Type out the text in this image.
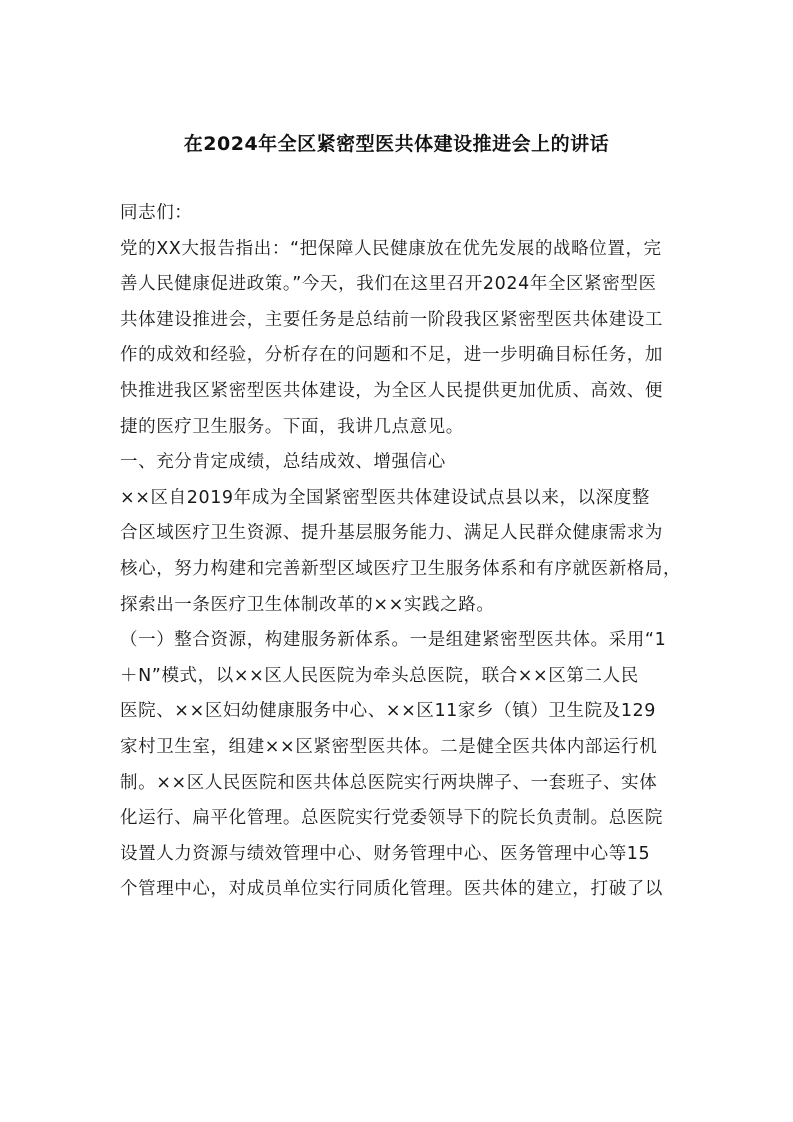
在2024年全区紧密型医共体建设推进会上的讲话
同志们：
党的XX大报告指出：“把保障人民健康放在优先发展的战略位置，完
善人民健康促进政策。”今天，我们在这里召开2024年全区紧密型医
共体建设推进会，主要任务是总结前一阶段我区紧密型医共体建设工
作的成效和经验，分析存在的问题和不足，进一步明确目标任务，加
快推进我区紧密型医共体建设，为全区人民提供更加优质、高效、便
捷的医疗卫生服务。下面，我讲几点意见。
一、充分肯定成绩，总结成效、增强信心
××区自2019年成为全国紧密型医共体建设试点县以来，以深度整
合区域医疗卫生资源、提升基层服务能力、满足人民群众健康需求为
核心，努力构建和完善新型区域医疗卫生服务体系和有序就医新格局，
探索出一条医疗卫生体制改革的××实践之路。
（一）整合资源，构建服务新体系。一是组建紧密型医共体。采用“1
＋N”模式，以××区人民医院为牵头总医院，联合××区第二人民
医院、××区妇幼健康服务中心、××区11家乡（镇）卫生院及129
家村卫生室，组建××区紧密型医共体。二是健全医共体内部运行机
制。××区人民医院和医共体总医院实行两块牌子、一套班子、实体
化运行、扁平化管理。总医院实行党委领导下的院长负责制。总医院
设置人力资源与绩效管理中心、财务管理中心、医务管理中心等15
个管理中心，对成员单位实行同质化管理。医共体的建立，打破了以
